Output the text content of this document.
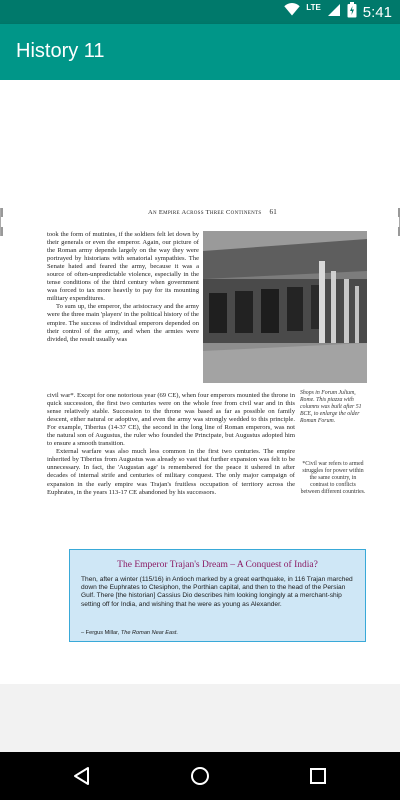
LTE	5:41
History 11
An Empire Across Three Continents 61

took the form of mutinies, if the soldiers felt let down by their generals or even the emperor. Again, our picture of the Roman army depends largely on the way they were portrayed by historians with senatorial sympathies. The Senate hated and feared the army, because it was a source of often-unpredictable violence, especially in the tense conditions of the third century when government was forced to tax more heavily to pay for its mounting military expenditures.

To sum up, the emperor, the aristocracy and the army were the three main 'players' in the political history of the empire. The success of individual emperors depended on their control of the army, and when the armies were divided, the result usually was

civil war*. Except for one notorious year (69 CE), when four emperors mounted the throne in quick succession, the first two centuries were on the whole free from civil war and in this sense relatively stable. Succession to the throne was based as far as possible on family descent, either natural or adoptive, and even the army was strongly wedded to this principle. For example, Tiberius (14-37 CE), the second in the long line of Roman emperors, was not the natural son of Augustus, the ruler who founded the Principate, but Augustus adopted him to ensure a smooth transition.

External warfare was also much less common in the first two centuries. The empire inherited by Tiberius from Augustus was already so vast that further expansion was felt to be unnecessary. In fact, the 'Augustan age' is remembered for the peace it ushered in after decades of internal strife and centuries of military conquest. The only major campaign of expansion in the early empire was Trajan's fruitless occupation of territory across the Euphrates, in the years 113-17 CE abandoned by his successors.

Shops in Forum Julium, Rome. This piazza with columns was built after 51 BCE, to enlarge the older Roman Forum.
*Civil war refers to armed struggles for power within the same country, in contrast to conflicts between different countries.
The Emperor Trajan's Dream – A Conquest of India?
Then, after a winter (115/16) in Antioch marked by a great earthquake, in 116 Trajan marched down the Euphrates to Ctesiphon, the Porthian capital, and then to the head of the Persian Gulf. There [the historian] Cassius Dio describes him looking longingly at a merchant-ship setting off for India, and wishing that he were as young as Alexander.
– Fergus Millar, The Roman Near East.
